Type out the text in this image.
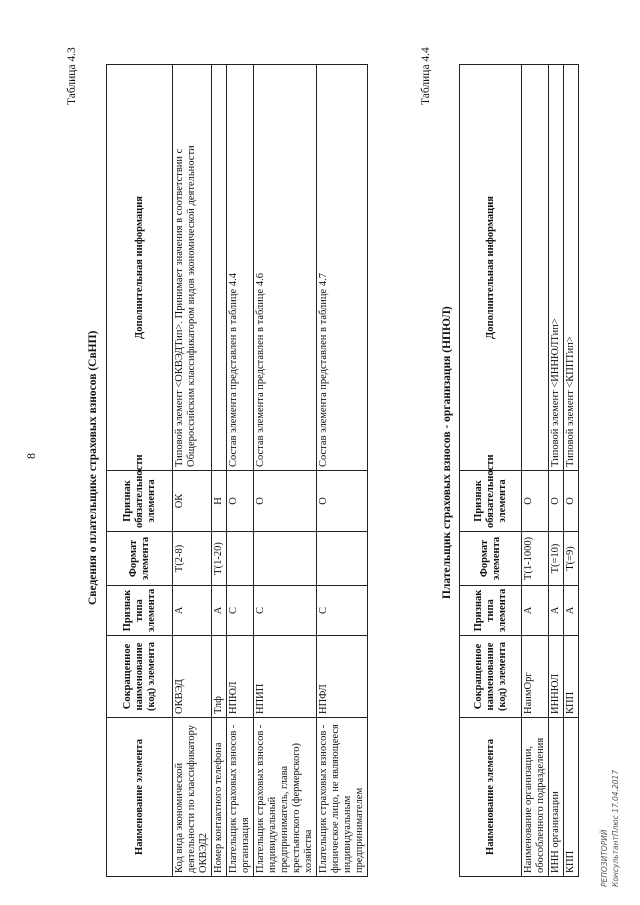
8
Таблица 4.3
Сведения о плательщике страховых взносов (СвНП)
Наименование элемента	Сокращенное наименование (код) элемента	Признак типа элемента	Формат элемента	Признак обязательности элемента	Дополнительная информация
Код вида экономической деятельности по классификатору ОКВЭД2	ОКВЭД	А	T(2-8)	ОК	Типовой элемент <ОКВЭДТип>. Принимает значения в соответствии с Общероссийским классификатором видов экономической деятельности
Номер контактного телефона	Тлф	А	T(1-20)	Н	
Плательщик страховых взносов - организация	НПЮЛ	С		О	Состав элемента представлен в таблице 4.4
Плательщик страховых взносов - индивидуальный предприниматель, глава крестьянского (фермерского) хозяйства	НПИП	С		О	Состав элемента представлен в таблице 4.6
Плательщик страховых взносов - физическое лицо, не являющееся индивидуальным предпринимателем	НПФЛ	С		О	Состав элемента представлен в таблице 4.7
Таблица 4.4
Плательщик страховых взносов - организация (НПЮЛ)
Наименование элемента	Сокращенное наименование (код) элемента	Признак типа элемента	Формат элемента	Признак обязательности элемента	Дополнительная информация
Наименование организации, обособленного подразделения	НаимОрг	А	T(1-1000)	О	
ИНН организации	ИННЮЛ	А	T(=10)	О	Типовой элемент <ИННЮЛТип>
КПП	КПП	А	T(=9)	О	Типовой элемент <КППТип>
РЕПОЗИТОРИЙ КонсультантПлюс 17.04.2017
